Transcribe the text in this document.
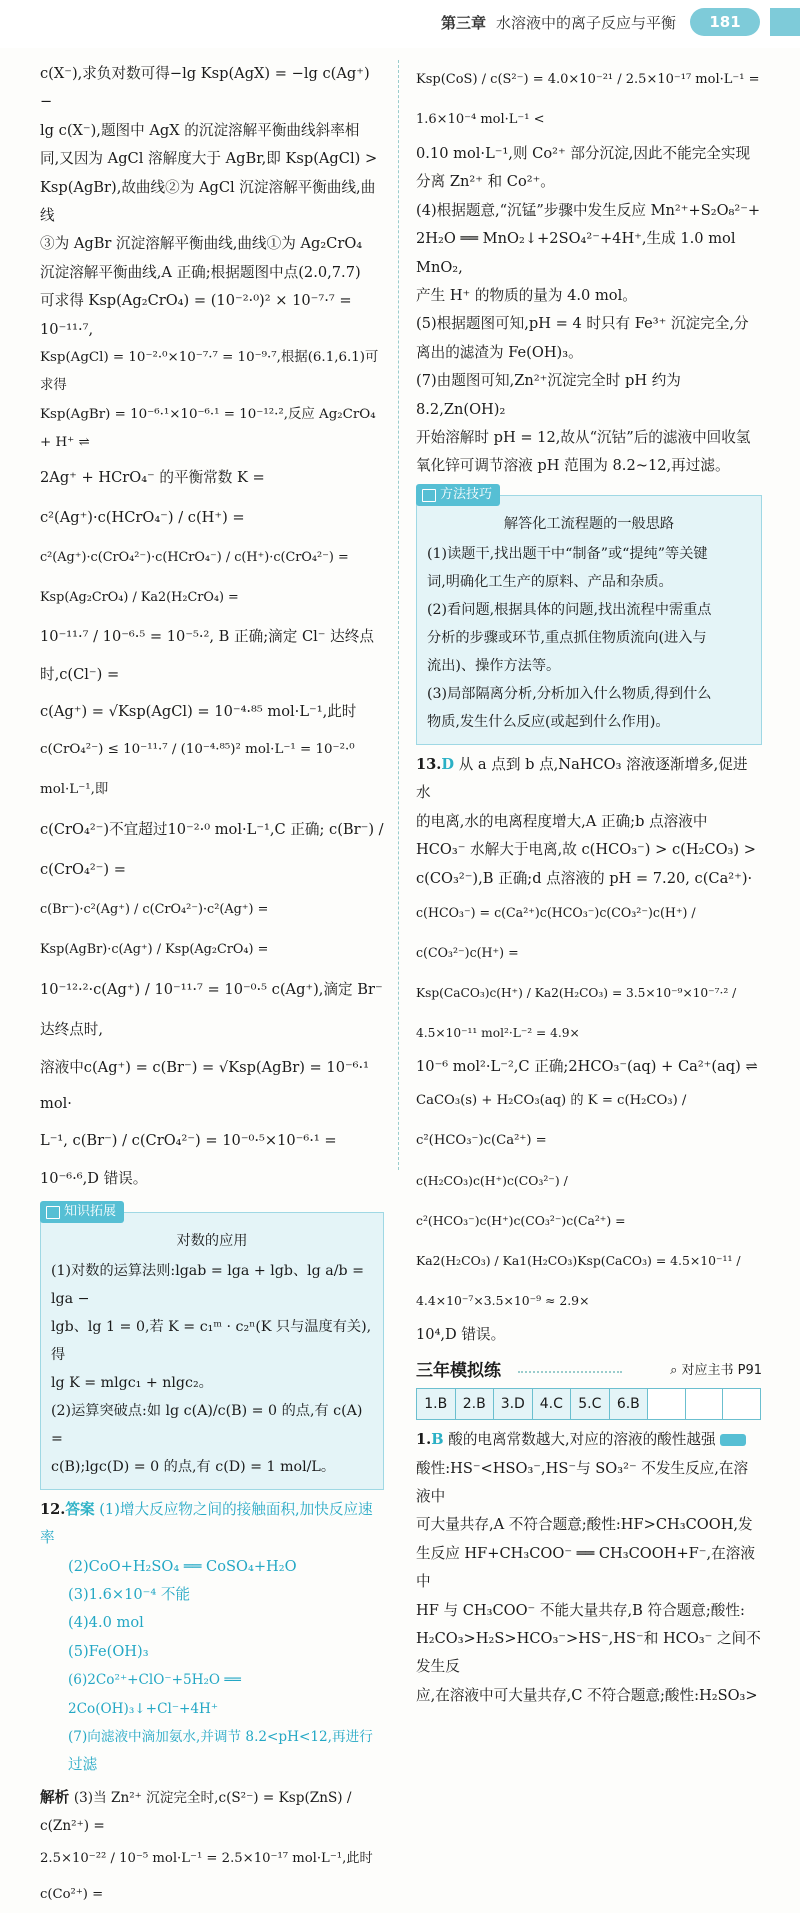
第三章 水溶液中的离子反应与平衡	181

c(X⁻),求负对数可得−lg Ksp(AgX) = −lg c(Ag⁺) −

lg c(X⁻),题图中 AgX 的沉淀溶解平衡曲线斜率相

同,又因为 AgCl 溶解度大于 AgBr,即 Ksp(AgCl) >

Ksp(AgBr),故曲线②为 AgCl 沉淀溶解平衡曲线,曲线

③为 AgBr 沉淀溶解平衡曲线,曲线①为 Ag₂CrO₄

沉淀溶解平衡曲线,A 正确;根据题图中点(2.0,7.7)

可求得 Ksp(Ag₂CrO₄) = (10⁻²·⁰)² × 10⁻⁷·⁷ = 10⁻¹¹·⁷,

Ksp(AgCl) = 10⁻²·⁰×10⁻⁷·⁷ = 10⁻⁹·⁷,根据(6.1,6.1)可求得

Ksp(AgBr) = 10⁻⁶·¹×10⁻⁶·¹ = 10⁻¹²·²,反应 Ag₂CrO₄ + H⁺ ⇌

2Ag⁺ + HCrO₄⁻ 的平衡常数 K = c²(Ag⁺)·c(HCrO₄⁻) / c(H⁺) =

c²(Ag⁺)·c(CrO₄²⁻)·c(HCrO₄⁻) / c(H⁺)·c(CrO₄²⁻) = Ksp(Ag₂CrO₄) / Ka2(H₂CrO₄) =

10⁻¹¹·⁷ / 10⁻⁶·⁵ = 10⁻⁵·², B 正确;滴定 Cl⁻ 达终点时,c(Cl⁻) =

c(Ag⁺) = √Ksp(AgCl) = 10⁻⁴·⁸⁵ mol·L⁻¹,此时

c(CrO₄²⁻) ≤ 10⁻¹¹·⁷ / (10⁻⁴·⁸⁵)² mol·L⁻¹ = 10⁻²·⁰ mol·L⁻¹,即

c(CrO₄²⁻)不宜超过10⁻²·⁰ mol·L⁻¹,C 正确; c(Br⁻) / c(CrO₄²⁻) =

c(Br⁻)·c²(Ag⁺) / c(CrO₄²⁻)·c²(Ag⁺) = Ksp(AgBr)·c(Ag⁺) / Ksp(Ag₂CrO₄) =

10⁻¹²·²·c(Ag⁺) / 10⁻¹¹·⁷ = 10⁻⁰·⁵ c(Ag⁺),滴定 Br⁻ 达终点时,

溶液中c(Ag⁺) = c(Br⁻) = √Ksp(AgBr) = 10⁻⁶·¹ mol·

L⁻¹, c(Br⁻) / c(CrO₄²⁻) = 10⁻⁰·⁵×10⁻⁶·¹ = 10⁻⁶·⁶,D 错误。

知识拓展

对数的应用

(1)对数的运算法则:lgab = lga + lgb、lg a/b = lga −

lgb、lg 1 = 0,若 K = c₁ᵐ · c₂ⁿ(K 只与温度有关),得

lg K = mlgc₁ + nlgc₂。

(2)运算突破点:如 lg c(A)/c(B) = 0 的点,有 c(A) =

c(B);lgc(D) = 0 的点,有 c(D) = 1 mol/L。

12.答案 (1)增大反应物之间的接触面积,加快反应速率

(2)CoO+H₂SO₄ ══ CoSO₄+H₂O

(3)1.6×10⁻⁴ 不能

(4)4.0 mol

(5)Fe(OH)₃

(6)2Co²⁺+ClO⁻+5H₂O ══ 2Co(OH)₃↓+Cl⁻+4H⁺

(7)向滤液中滴加氨水,并调节 8.2<pH<12,再进行

过滤

解析 (3)当 Zn²⁺ 沉淀完全时,c(S²⁻) = Ksp(ZnS) / c(Zn²⁺) =

2.5×10⁻²² / 10⁻⁵ mol·L⁻¹ = 2.5×10⁻¹⁷ mol·L⁻¹,此时 c(Co²⁺) =

Ksp(CoS) / c(S²⁻) = 4.0×10⁻²¹ / 2.5×10⁻¹⁷ mol·L⁻¹ = 1.6×10⁻⁴ mol·L⁻¹ <

0.10 mol·L⁻¹,则 Co²⁺ 部分沉淀,因此不能完全实现

分离 Zn²⁺ 和 Co²⁺。

(4)根据题意,“沉锰”步骤中发生反应 Mn²⁺+S₂O₈²⁻+

2H₂O ══ MnO₂↓+2SO₄²⁻+4H⁺,生成 1.0 mol MnO₂,

产生 H⁺ 的物质的量为 4.0 mol。

(5)根据题图可知,pH = 4 时只有 Fe³⁺ 沉淀完全,分

离出的滤渣为 Fe(OH)₃。

(7)由题图可知,Zn²⁺沉淀完全时 pH 约为 8.2,Zn(OH)₂

开始溶解时 pH = 12,故从“沉钴”后的滤液中回收氢

氧化锌可调节溶液 pH 范围为 8.2~12,再过滤。

方法技巧

解答化工流程题的一般思路

(1)读题干,找出题干中“制备”或“提纯”等关键

词,明确化工生产的原料、产品和杂质。

(2)看问题,根据具体的问题,找出流程中需重点

分析的步骤或环节,重点抓住物质流向(进入与

流出)、操作方法等。

(3)局部隔离分析,分析加入什么物质,得到什么

物质,发生什么反应(或起到什么作用)。

13.D 从 a 点到 b 点,NaHCO₃ 溶液逐渐增多,促进水

的电离,水的电离程度增大,A 正确;b 点溶液中

HCO₃⁻ 水解大于电离,故 c(HCO₃⁻) > c(H₂CO₃) >

c(CO₃²⁻),B 正确;d 点溶液的 pH = 7.20, c(Ca²⁺)·

c(HCO₃⁻) = c(Ca²⁺)c(HCO₃⁻)c(CO₃²⁻)c(H⁺) / c(CO₃²⁻)c(H⁺) =

Ksp(CaCO₃)c(H⁺) / Ka2(H₂CO₃) = 3.5×10⁻⁹×10⁻⁷·² / 4.5×10⁻¹¹ mol²·L⁻² = 4.9×

10⁻⁶ mol²·L⁻²,C 正确;2HCO₃⁻(aq) + Ca²⁺(aq) ⇌

CaCO₃(s) + H₂CO₃(aq) 的 K = c(H₂CO₃) / c²(HCO₃⁻)c(Ca²⁺) =

c(H₂CO₃)c(H⁺)c(CO₃²⁻) / c²(HCO₃⁻)c(H⁺)c(CO₃²⁻)c(Ca²⁺) =

Ka2(H₂CO₃) / Ka1(H₂CO₃)Ksp(CaCO₃) = 4.5×10⁻¹¹ / 4.4×10⁻⁷×3.5×10⁻⁹ ≈ 2.9×

10⁴,D 错误。

三年模拟练	⌕ 对应主书 P91
1.B	2.B	3.D	4.C	5.C	6.B			

1.B 酸的电离常数越大,对应的溶液的酸性越强

酸性:HS⁻<HSO₃⁻,HS⁻与 SO₃²⁻ 不发生反应,在溶液中

可大量共存,A 不符合题意;酸性:HF>CH₃COOH,发

生反应 HF+CH₃COO⁻ ══ CH₃COOH+F⁻,在溶液中

HF 与 CH₃COO⁻ 不能大量共存,B 符合题意;酸性:

H₂CO₃>H₂S>HCO₃⁻>HS⁻,HS⁻和 HCO₃⁻ 之间不发生反

应,在溶液中可大量共存,C 不符合题意;酸性:H₂SO₃>
